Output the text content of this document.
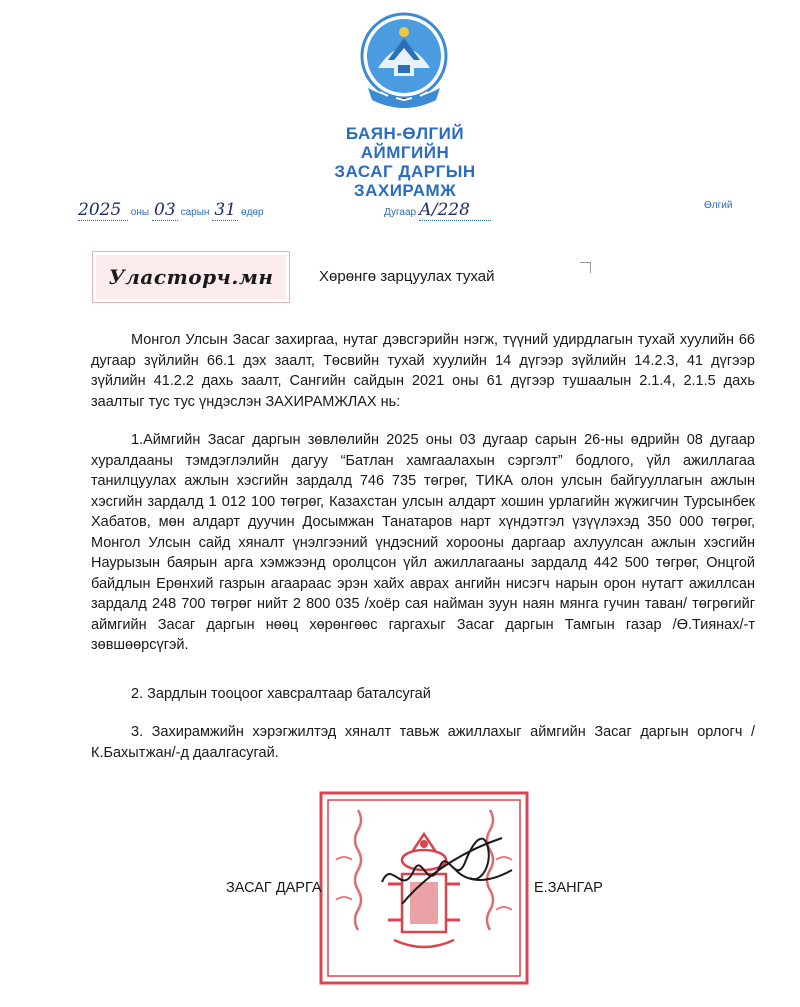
БАЯН-ӨЛГИЙ АЙМГИЙН
ЗАСАГ ДАРГЫН
ЗАХИРАМЖ
2025 оны 03 сарын 31 өдөр	Дугаар А/228	Өлгий
Уласторч.мн	Хөрөнгө зарцуулах тухай
Монгол Улсын Засаг захиргаа, нутаг дэвсгэрийн нэгж, түүний удирдлагын тухай хуулийн 66 дугаар зүйлийн 66.1 дэх заалт, Төсвийн тухай хуулийн 14 дүгээр зүйлийн 14.2.3, 41 дүгээр зүйлийн 41.2.2 дахь заалт, Сангийн сайдын 2021 оны 61 дүгээр тушаалын 2.1.4, 2.1.5 дахь заалтыг тус тус үндэслэн ЗАХИРАМЖЛАХ нь:
1.Аймгийн Засаг даргын зөвлөлийн 2025 оны 03 дугаар сарын 26-ны өдрийн 08 дугаар хуралдааны тэмдэглэлийн дагуу “Батлан хамгаалахын сэргэлт” бодлого, үйл ажиллагаа танилцуулах ажлын хэсгийн зардалд 746 735 төгрөг, ТИКА олон улсын байгууллагын ажлын хэсгийн зардалд 1 012 100 төгрөг, Казахстан улсын алдарт хошин урлагийн жүжигчин Турсынбек Хабатов, мөн алдарт дуучин Досымжан Танатаров нарт хүндэтгэл үзүүлэхэд 350 000 төгрөг, Монгол Улсын сайд хяналт үнэлгээний үндэсний хорооны даргаар ахлуулсан ажлын хэсгийн Наурызын баярын арга хэмжээнд оролцсон үйл ажиллагааны зардалд 442 500 төгрөг, Онцгой байдлын Ерөнхий газрын агаараас эрэн хайх аврах ангийн нисэгч нарын орон нутагт ажиллсан зардалд 248 700 төгрөг нийт 2 800 035 /хоёр сая найман зуун наян мянга гучин таван/ төгрөгийг аймгийн Засаг даргын нөөц хөрөнгөөс гаргахыг Засаг даргын Тамгын газар /Ө.Тиянах/-т зөвшөөрсүгэй.
2. Зардлын тооцоог хавсралтаар баталсугай
3. Захирамжийн хэрэгжилтэд хяналт тавьж ажиллахыг аймгийн Засаг даргын орлогч /К.Бахытжан/-д даалгасугай.
ЗАСАГ ДАРГА	Е.ЗАНГАР
